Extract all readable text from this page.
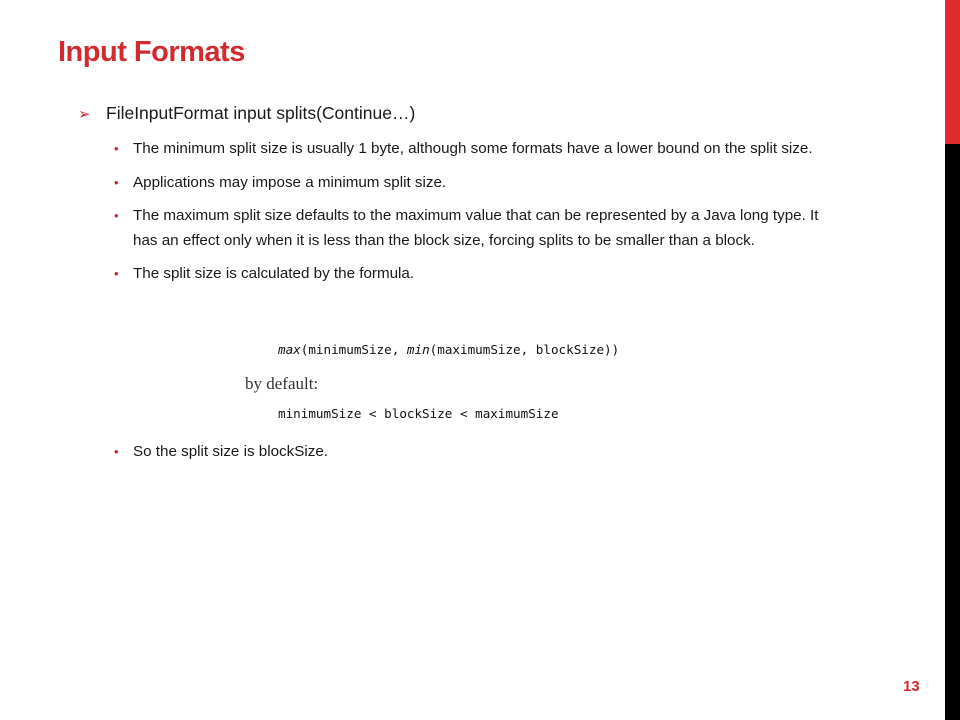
Input Formats
➢ FileInputFormat input splits(Continue…)
• The minimum split size is usually 1 byte, although some formats have a lower bound on the split size.
• Applications may impose a minimum split size.
• The maximum split size defaults to the maximum value that can be represented by a Java long type. It has an effect only when it is less than the block size, forcing splits to be smaller than a block.
• The split size is calculated by the formula.
max(minimumSize, min(maximumSize, blockSize))
by default:
minimumSize < blockSize < maximumSize
• So the split size is blockSize.
13
